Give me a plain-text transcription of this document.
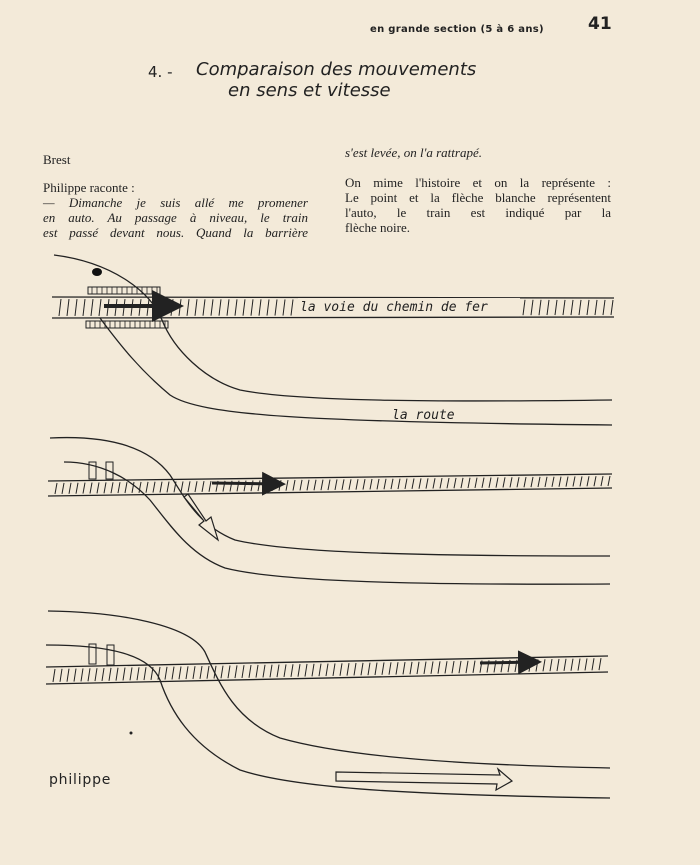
en grande section (5 à 6 ans)	41
4. - Comparaison des mouvements
en sens et vitesse
Brest
Philippe raconte :
— Dimanche je suis allé me promener
en auto. Au passage à niveau, le train
est passé devant nous. Quand la barrière
s'est levée, on l'a rattrapé.
On mime l'histoire et on la représente :
Le point et la flèche blanche représentent
l'auto, le train est indiqué par la
flèche noire.
la voie du chemin de fer
la route
philippe
